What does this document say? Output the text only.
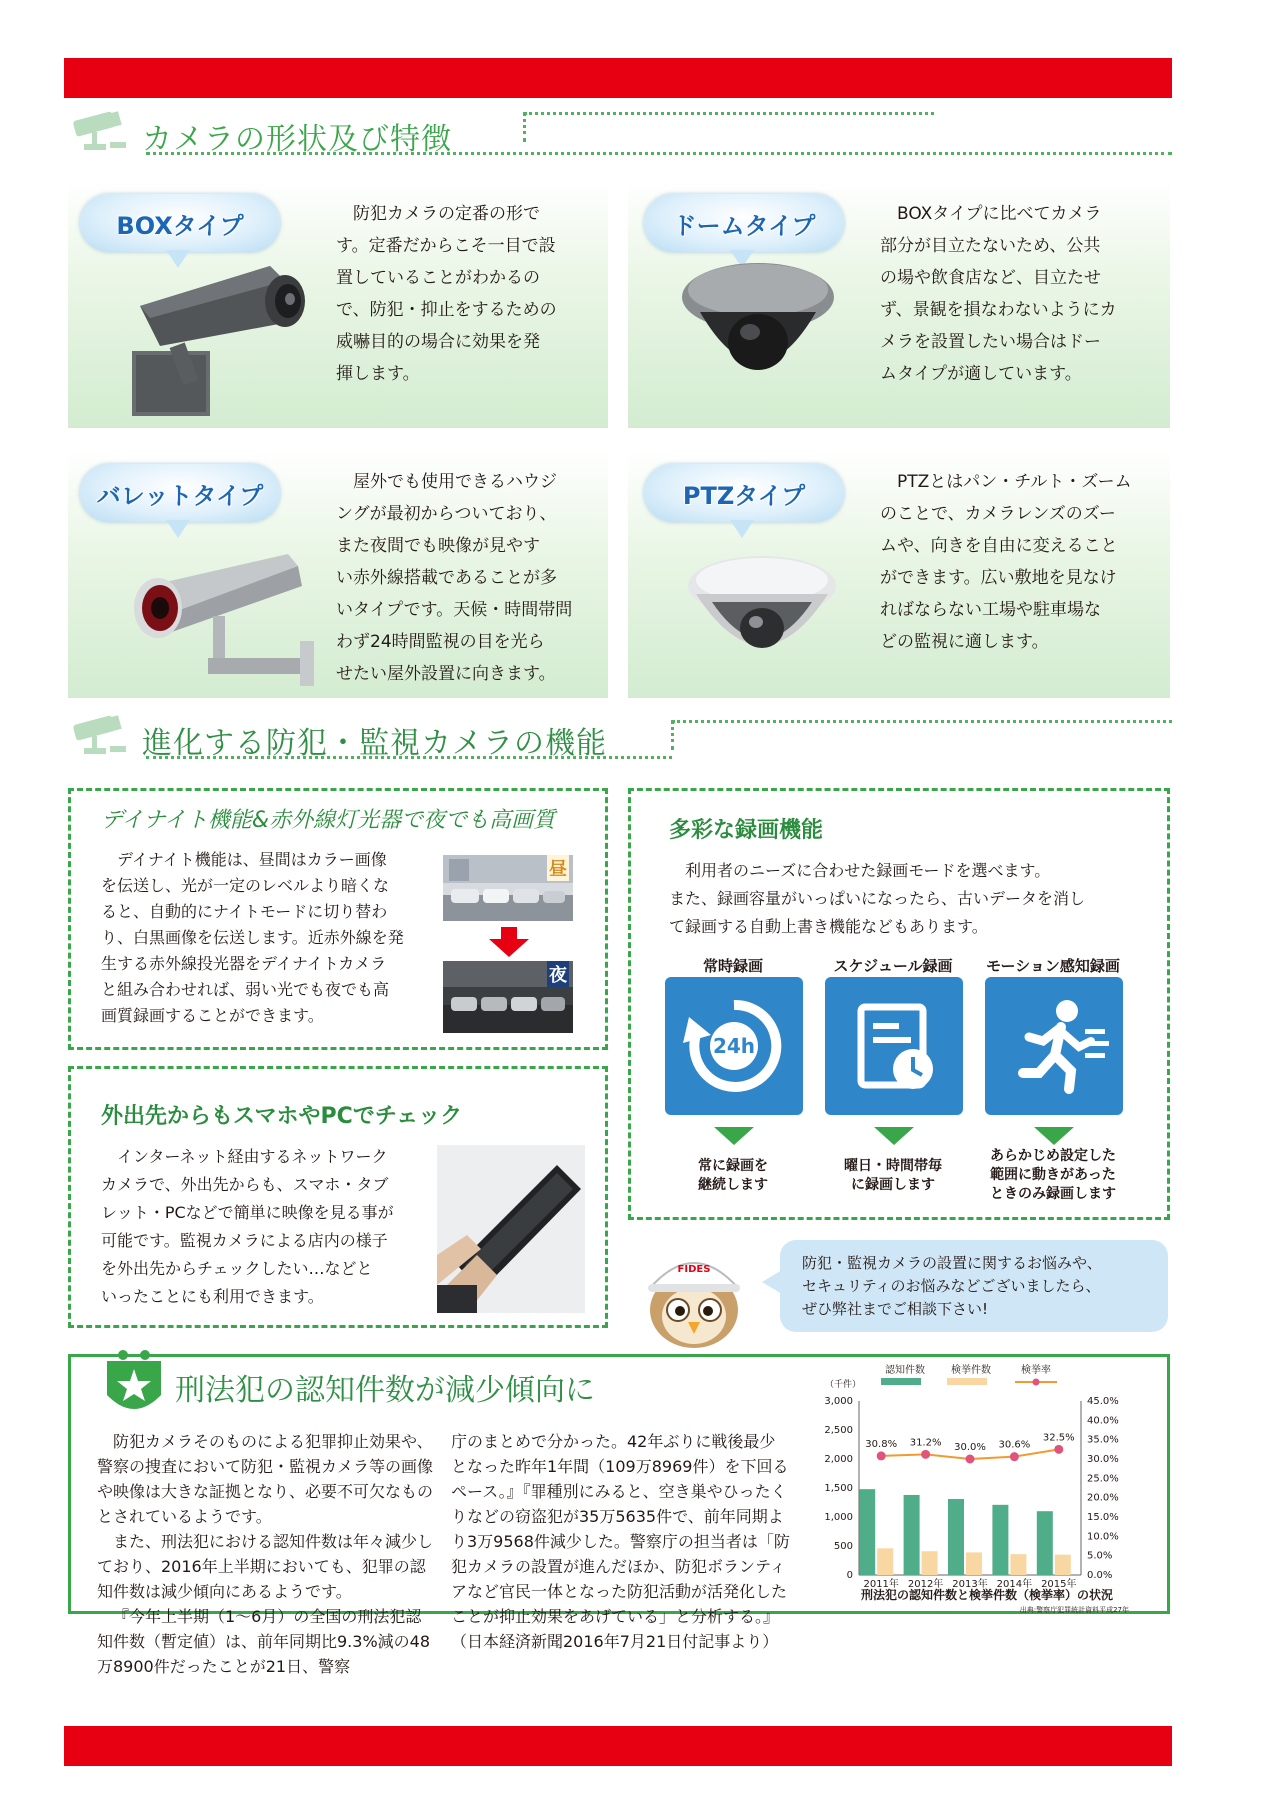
カメラの形状及び特徴
BOXタイプ	防犯カメラの定番の形で

す。定番だからこそ一目で設
置していることがわかるの
で、防犯・抑止をするための
威嚇目的の場合に効果を発
揮します。
ドームタイプ	BOXタイプに比べてカメラ

部分が目立たないため、公共
の場や飲食店など、目立たせ
ず、景観を損なわないようにカ
メラを設置したい場合はドー
ムタイプが適しています。
バレットタイプ	屋外でも使用できるハウジ

ングが最初からついており、
また夜間でも映像が見やす
い赤外線搭載であることが多
いタイプです。天候・時間帯問
わず24時間監視の目を光ら
せたい屋外設置に向きます。
PTZタイプ	PTZとはパン・チルト・ズーム

のことで、カメラレンズのズー
ムや、向きを自由に変えること
ができます。広い敷地を見なけ
ればならない工場や駐車場な
どの監視に適します。
進化する防犯・監視カメラの機能
デイナイト機能&赤外線灯光器で夜でも高画質
デイナイト機能は、昼間はカラー画像
を伝送し、光が一定のレベルより暗くな
ると、自動的にナイトモードに切り替わ
り、白黒画像を伝送します。近赤外線を発
生する赤外線投光器をデイナイトカメラ
と組み合わせれば、弱い光でも夜でも高
画質録画することができます。
昼
夜
多彩な録画機能
利用者のニーズに合わせた録画モードを選べます。
また、録画容量がいっぱいになったら、古いデータを消し
て録画する自動上書き機能などもあります。
常時録画
24h
常に録画を
継続します
スケジュール録画
曜日・時間帯毎
に録画します
モーション感知録画
あらかじめ設定した
範囲に動きがあった
ときのみ録画します
外出先からもスマホやPCでチェック
インターネット経由するネットワーク
カメラで、外出先からも、スマホ・タブ
レット・PCなどで簡単に映像を見る事が
可能です。監視カメラによる店内の様子
を外出先からチェックしたい…などと
いったことにも利用できます。
FIDES	防犯・監視カメラの設置に関するお悩みや、
セキュリティのお悩みなどございましたら、
ぜひ弊社までご相談下さい!
刑法犯の認知件数が減少傾向に

防犯カメラそのものによる犯罪抑止効果や、警察の捜査において防犯・監視カメラ等の画像や映像は大きな証拠となり、必要不可欠なものとされているようです。

また、刑法犯における認知件数は年々減少しており、2016年上半期においても、犯罪の認知件数は減少傾向にあるようです。

『今年上半期（1～6月）の全国の刑法犯認知件数（暫定値）は、前年同期比9.3%減の48万8900件だったことが21日、警察

庁のまとめで分かった。42年ぶりに戦後最少となった昨年1年間（109万8969件）を下回るペース。』『罪種別にみると、空き巣やひったくりなどの窃盗犯が35万5635件で、前年同期より3万9568件減少した。警察庁の担当者は「防犯カメラの設置が進んだほか、防犯ボランティアなど官民一体となった防犯活動が活発化したことが抑止効果をあげている」と分析する。』（日本経済新聞2016年7月21日付記事より）
（千件）
認知件数	検挙件数	検挙率
0
500
1,000
1,500
2,000
2,500
3,000
0.0%
5.0%
10.0%
15.0%
20.0%
25.0%
30.0%
35.0%
40.0%
45.0%
2011年 2012年 2013年 2014年 2015年
30.8% 31.2% 30.0% 30.6%
32.5%
刑法犯の認知件数と検挙件数（検挙率）の状況
出典:警察庁犯罪統計資料平成27年
